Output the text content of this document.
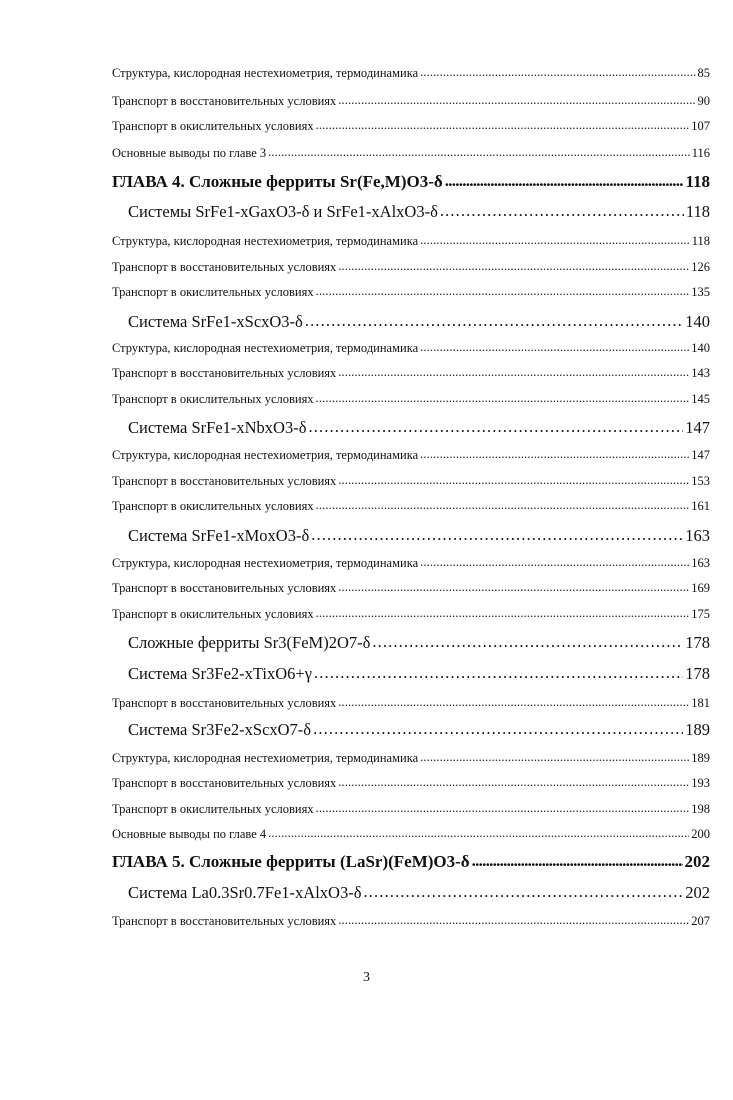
Структура, кислородная нестехиометрия, термодинамика . . .	85
Транспорт в восстановительных условиях . . .	90
Транспорт в окислительных условиях . . .	107
Основные выводы по главе 3 . . .	116
ГЛАВА 4. Сложные ферриты Sr(Fe,M)O3-δ . . .	118
Системы SrFe1-xGaxO3-δ и SrFe1-xAlxO3-δ . . .	118
Структура, кислородная нестехиометрия, термодинамика . . .	118
Транспорт в восстановительных условиях . . .	126
Транспорт в окислительных условиях . . .	135
Система SrFe1-xScxO3-δ . . .	140
Структура, кислородная нестехиометрия, термодинамика . . .	140
Транспорт в восстановительных условиях . . .	143
Транспорт в окислительных условиях . . .	145
Система SrFe1-xNbxO3-δ . . .	147
Структура, кислородная нестехиометрия, термодинамика . . .	147
Транспорт в восстановительных условиях . . .	153
Транспорт в окислительных условиях . . .	161
Система SrFe1-xMoxO3-δ . . .	163
Структура, кислородная нестехиометрия, термодинамика . . .	163
Транспорт в восстановительных условиях . . .	169
Транспорт в окислительных условиях . . .	175
Сложные ферриты Sr3(FeM)2O7-δ . . .	178
Система Sr3Fe2-xTixO6+γ . . .	178
Транспорт в восстановительных условиях . . .	181
Система Sr3Fe2-xScxO7-δ . . .	189
Структура, кислородная нестехиометрия, термодинамика . . .	189
Транспорт в восстановительных условиях . . .	193
Транспорт в окислительных условиях . . .	198
Основные выводы по главе 4 . . .	200
ГЛАВА 5. Сложные ферриты (LaSr)(FeM)O3-δ . . .	202
Система La0.3Sr0.7Fe1-xAlxO3-δ . . .	202
Транспорт в восстановительных условиях . . .	207
3
